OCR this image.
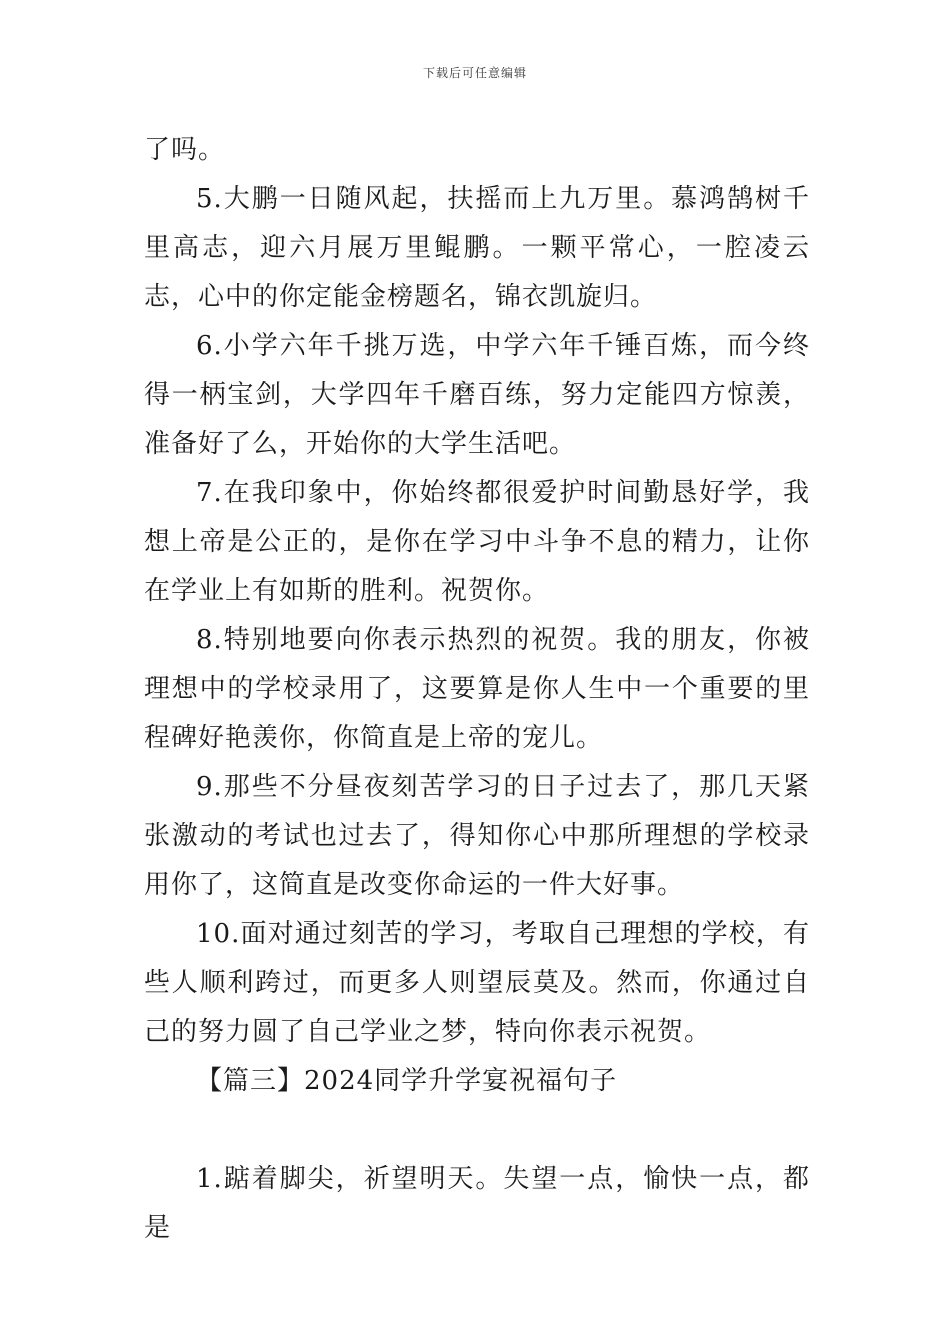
下载后可任意编辑

了吗。

5.大鹏一日随风起，扶摇而上九万里。慕鸿鹄树千里高志，迎六月展万里鲲鹏。一颗平常心，一腔凌云志，心中的你定能金榜题名，锦衣凯旋归。

6.小学六年千挑万选，中学六年千锤百炼，而今终得一柄宝剑，大学四年千磨百练，努力定能四方惊羡，准备好了么，开始你的大学生活吧。

7.在我印象中，你始终都很爱护时间勤恳好学，我想上帝是公正的，是你在学习中斗争不息的精力，让你在学业上有如斯的胜利。祝贺你。

8.特别地要向你表示热烈的祝贺。我的朋友，你被理想中的学校录用了，这要算是你人生中一个重要的里程碑好艳羡你，你简直是上帝的宠儿。

9.那些不分昼夜刻苦学习的日子过去了，那几天紧张激动的考试也过去了，得知你心中那所理想的学校录用你了，这简直是改变你命运的一件大好事。

10.面对通过刻苦的学习，考取自己理想的学校，有些人顺利跨过，而更多人则望辰莫及。然而，你通过自己的努力圆了自己学业之梦，特向你表示祝贺。

【篇三】2024同学升学宴祝福句子

1.踮着脚尖，祈望明天。失望一点，愉快一点，都是
